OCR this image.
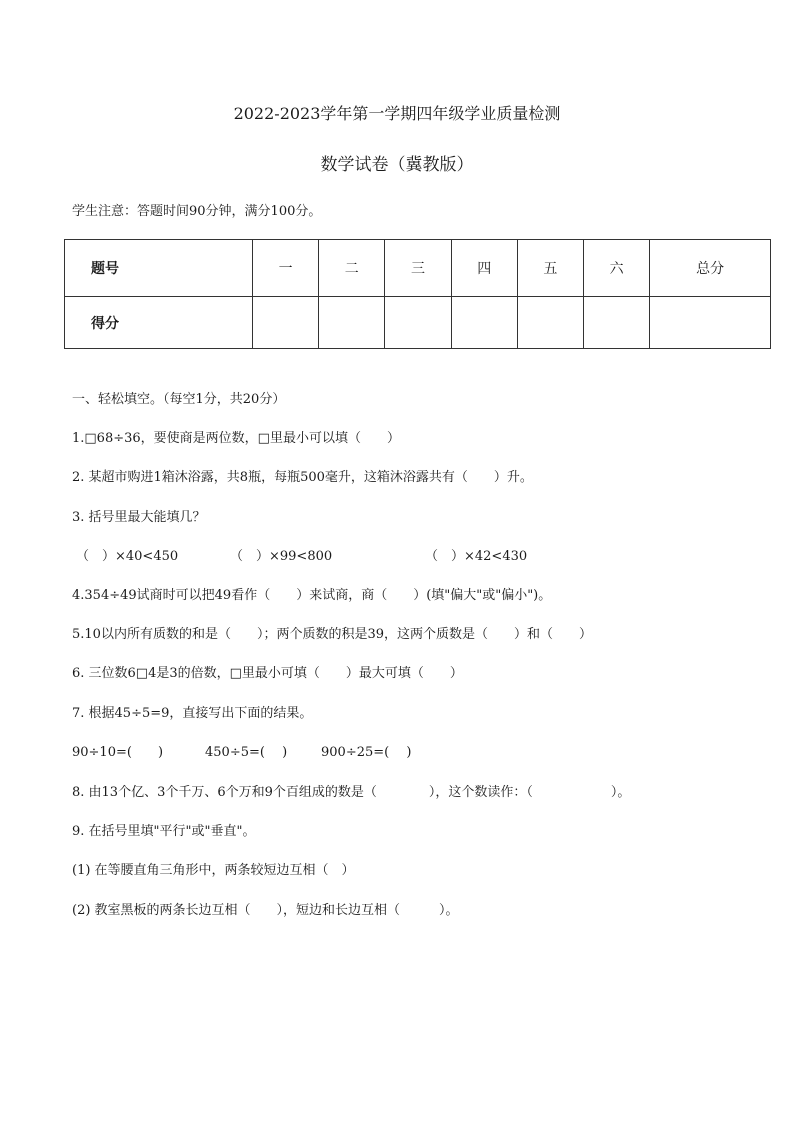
2022-2023学年第一学期四年级学业质量检测
数学试卷（冀教版）
学生注意：答题时间90分钟，满分100分。
题号	一	二	三	四	五	六	总分
得分							
一、轻松填空。（每空1分，共20分）
1.□68÷36，要使商是两位数，□里最小可以填（　　）
2. 某超市购进1箱沐浴露，共8瓶，每瓶500毫升，这箱沐浴露共有（　　）升。
3. 括号里最大能填几？
（　）×40<450	（　）×99<800	（　）×42<430
4.354÷49试商时可以把49看作（　　）来试商，商（　　）(填"偏大"或"偏小")。
5.10以内所有质数的和是（　　）；两个质数的积是39，这两个质数是（　　）和（　　）
6. 三位数6□4是3的倍数，□里最小可填（　　）最大可填（　　）
7. 根据45÷5=9，直接写出下面的结果。
90÷10=(　　)	450÷5=(　 )	900÷25=(　 )
8. 由13个亿、3个千万、6个万和9个百组成的数是（　　　　），这个数读作：（　　　　　　）。
9. 在括号里填"平行"或"垂直"。
(1) 在等腰直角三角形中，两条较短边互相（　）
(2) 教室黑板的两条长边互相（　　），短边和长边互相（　　　）。
